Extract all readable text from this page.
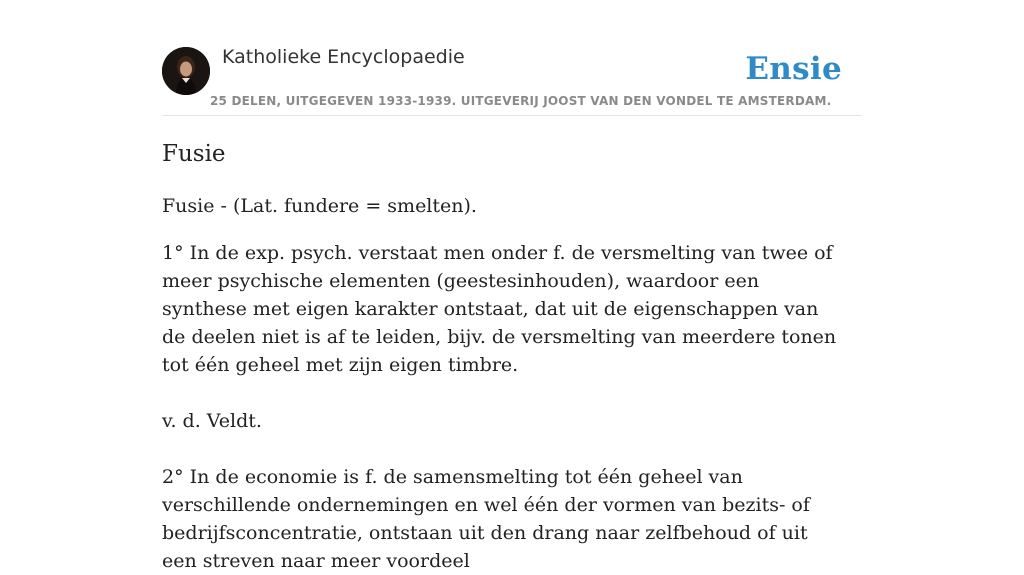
Katholieke Encyclopaedie	Ensie
25 DELEN, UITGEGEVEN 1933-1939. UITGEVERIJ JOOST VAN DEN VONDEL TE AMSTERDAM.
Fusie

Fusie - (Lat. fundere = smelten).

1° In de exp. psych. verstaat men onder f. de versmelting van twee of meer psychische elementen (geestesinhouden), waardoor een synthese met eigen karakter ontstaat, dat uit de eigenschappen van de deelen niet is af te leiden, bijv. de versmelting van meerdere tonen tot één geheel met zijn eigen timbre.

v. d. Veldt.

2° In de economie is f. de samensmelting tot één geheel van verschillende ondernemingen en wel één der vormen van bezits- of bedrijfsconcentratie, ontstaan uit den drang naar zelfbehoud of uit een streven naar meer voordeel
